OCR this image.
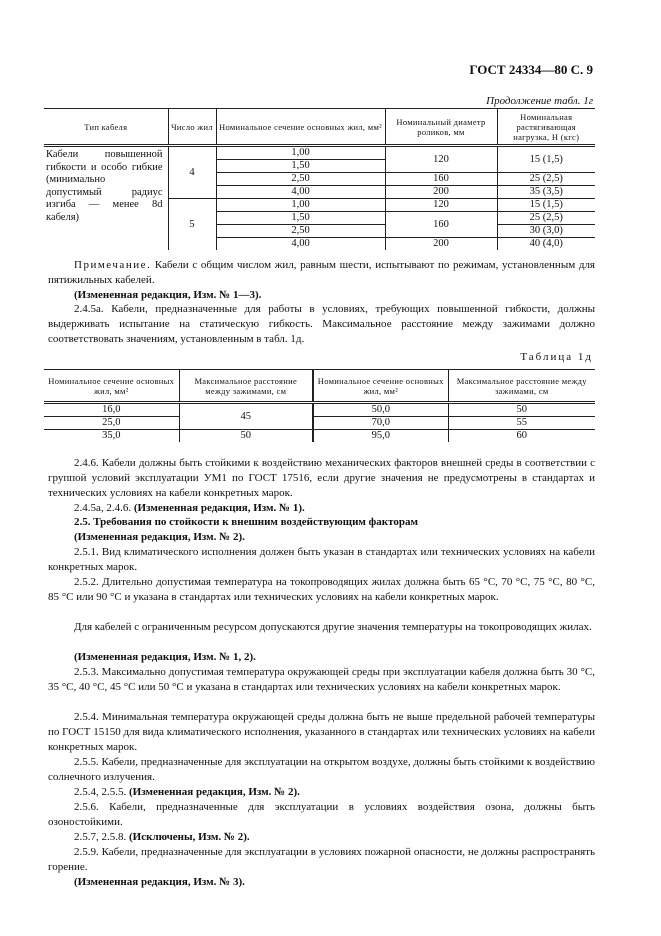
ГОСТ 24334—80 С. 9
Продолжение табл. 1г
Тип кабеля	Число жил	Номинальное сечение основных жил, мм²	Номинальный диаметр роликов, мм	Номинальная растягивающая нагрузка, Н (кгс)
Кабели повышенной гибкости и особо гибкие (минимально допустимый радиус изгиба — менее 8d кабеля)	4	1,00	120	15 (1,5)
		1,50		
		2,50	160	25 (2,5)
		4,00	200	35 (3,5)
	5	1,00	120	15 (1,5)
		1,50	160	25 (2,5)
		2,50		30 (3,0)
		4,00	200	40 (4,0)
Примечание. Кабели с общим числом жил, равным шести, испытывают по режимам, установленным для пятижильных кабелей.
(Измененная редакция, Изм. № 1—3).
2.4.5а. Кабели, предназначенные для работы в условиях, требующих повышенной гибкости, должны выдерживать испытание на статическую гибкость. Максимальное расстояние между зажимами должно соответствовать значениям, установленным в табл. 1д.
Таблица 1д
Номинальное сечение основных жил, мм²	Максимальное расстояние между зажимами, см	Номинальное сечение основных жил, мм²	Максимальное расстояние между зажимами, см
16,0	45	50,0	50
25,0		70,0	55
35,0	50	95,0	60
2.4.6. Кабели должны быть стойкими к воздействию механических факторов внешней среды в соответствии с группой условий эксплуатации УМ1 по ГОСТ 17516, если другие значения не предусмотрены в стандартах и технических условиях на кабели конкретных марок.
2.4.5а, 2.4.6. (Измененная редакция, Изм. № 1).
2.5. Требования по стойкости к внешним воздействующим факторам
(Измененная редакция, Изм. № 2).
2.5.1. Вид климатического исполнения должен быть указан в стандартах или технических условиях на кабели конкретных марок.
2.5.2. Длительно допустимая температура на токопроводящих жилах должна быть 65 °С, 70 °С, 75 °С, 80 °С, 85 °С или 90 °С и указана в стандартах или технических условиях на кабели конкретных марок.
Для кабелей с ограниченным ресурсом допускаются другие значения температуры на токопроводящих жилах.
(Измененная редакция, Изм. № 1, 2).
2.5.3. Максимально допустимая температура окружающей среды при эксплуатации кабеля должна быть 30 °С, 35 °С, 40 °С, 45 °С или 50 °С и указана в стандартах или технических условиях на кабели конкретных марок.
2.5.4. Минимальная температура окружающей среды должна быть не выше предельной рабочей температуры по ГОСТ 15150 для вида климатического исполнения, указанного в стандартах или технических условиях на кабели конкретных марок.
2.5.5. Кабели, предназначенные для эксплуатации на открытом воздухе, должны быть стойкими к воздействию солнечного излучения.
2.5.4, 2.5.5. (Измененная редакция, Изм. № 2).
2.5.6. Кабели, предназначенные для эксплуатации в условиях воздействия озона, должны быть озоностойкими.
2.5.7, 2.5.8. (Исключены, Изм. № 2).
2.5.9. Кабели, предназначенные для эксплуатации в условиях пожарной опасности, не должны распространять горение.
(Измененная редакция, Изм. № 3).
